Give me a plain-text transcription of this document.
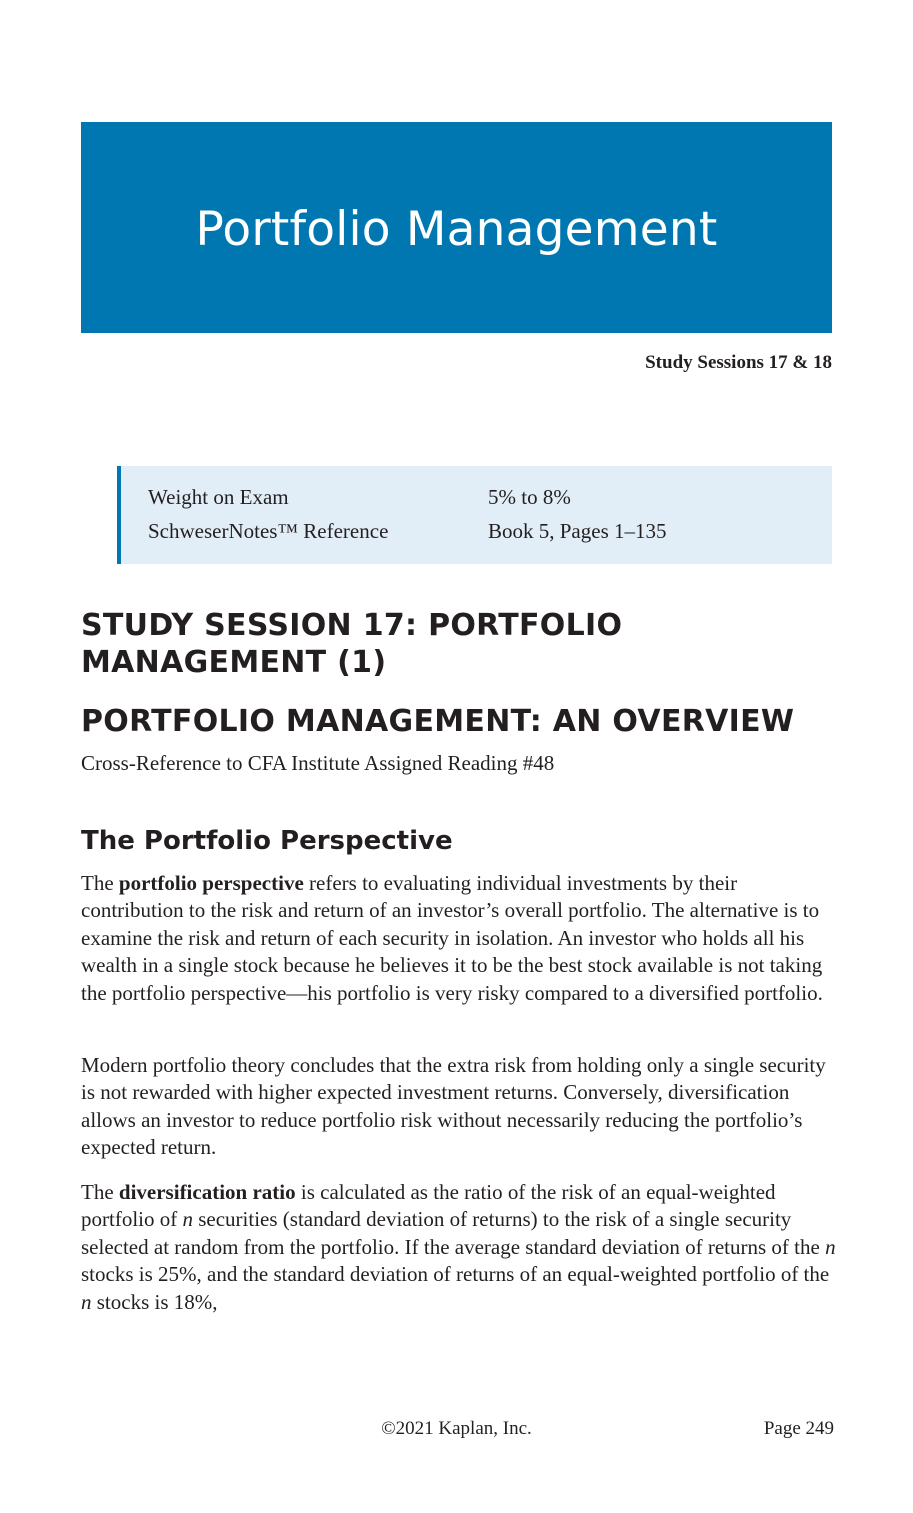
Portfolio Management
Study Sessions 17 & 18
Weight on Exam	5% to 8%
SchweserNotes™ Reference	Book 5, Pages 1–135
STUDY SESSION 17: PORTFOLIO MANAGEMENT (1)
PORTFOLIO MANAGEMENT: AN OVERVIEW
Cross-Reference to CFA Institute Assigned Reading #48
The Portfolio Perspective

The portfolio perspective refers to evaluating individual investments by their contribution to the risk and return of an investor’s overall portfolio. The alternative is to examine the risk and return of each security in isolation. An investor who holds all his wealth in a single stock because he believes it to be the best stock available is not taking the portfolio perspective—his portfolio is very risky compared to a diversified portfolio.

Modern portfolio theory concludes that the extra risk from holding only a single security is not rewarded with higher expected investment returns. Conversely, diversification allows an investor to reduce portfolio risk without necessarily reducing the portfolio’s expected return.

The diversification ratio is calculated as the ratio of the risk of an equal-weighted portfolio of n securities (standard deviation of returns) to the risk of a single security selected at random from the portfolio. If the average standard deviation of returns of the n stocks is 25%, and the standard deviation of returns of an equal-weighted portfolio of the n stocks is 18%,

©2021 Kaplan, Inc.	Page 249
